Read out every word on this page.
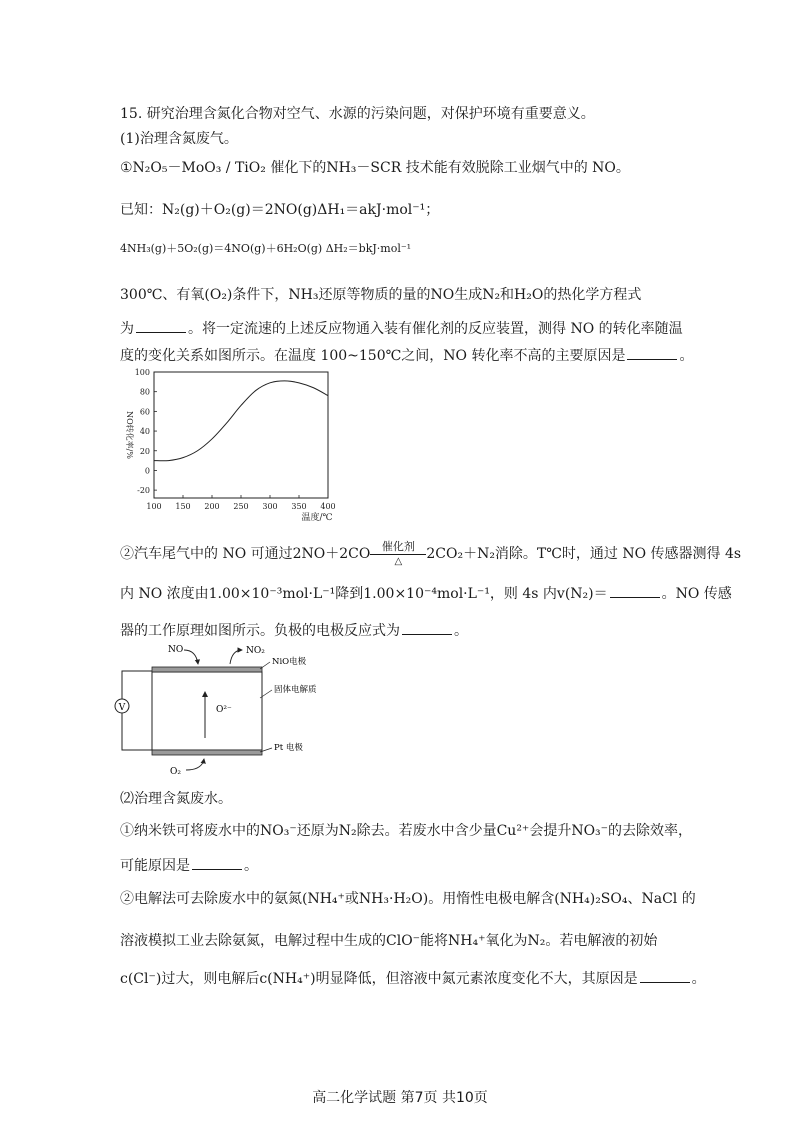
15. 研究治理含氮化合物对空气、水源的污染问题，对保护环境有重要意义。
(1)治理含氮废气。
①N₂O₅－MoO₃ / TiO₂ 催化下的NH₃－SCR 技术能有效脱除工业烟气中的 NO。
已知：N₂(g)＋O₂(g)＝2NO(g)ΔH₁＝akJ·mol⁻¹；
4NH₃(g)＋5O₂(g)＝4NO(g)＋6H₂O(g) ΔH₂＝bkJ·mol⁻¹
300℃、有氧(O₂)条件下，NH₃还原等物质的量的NO生成N₂和H₂O的热化学方程式
为	。将一定流速的上述反应物通入装有催化剂的反应装置，测得 NO 的转化率随温
度的变化关系如图所示。在温度 100~150℃之间，NO 转化率不高的主要原因是	。
100
80
60
40
20
0
-20
100 150 200 250 300 350 400
NO转化率/%
温度/℃
②汽车尾气中的 NO 可通过2NO＋2CO	催化剂
△	2CO₂＋N₂消除。T℃时，通过 NO 传感器测得 4s
内 NO 浓度由1.00×10⁻³mol·L⁻¹降到1.00×10⁻⁴mol·L⁻¹，则 4s 内v(N₂)＝	。NO 传感
器的工作原理如图所示。负极的电极反应式为	。
V	O²⁻
NO	NO₂
NiO电极
固体电解质
Pt 电极
O₂
⑵治理含氮废水。
①纳米铁可将废水中的NO₃⁻还原为N₂除去。若废水中含少量Cu²⁺会提升NO₃⁻的去除效率，
可能原因是	。
②电解法可去除废水中的氨氮(NH₄⁺或NH₃·H₂O)。用惰性电极电解含(NH₄)₂SO₄、NaCl 的
溶液模拟工业去除氨氮，电解过程中生成的ClO⁻能将NH₄⁺氧化为N₂。若电解液的初始
c(Cl⁻)过大，则电解后c(NH₄⁺)明显降低，但溶液中氮元素浓度变化不大，其原因是	。
高二化学试题 第7页 共10页
